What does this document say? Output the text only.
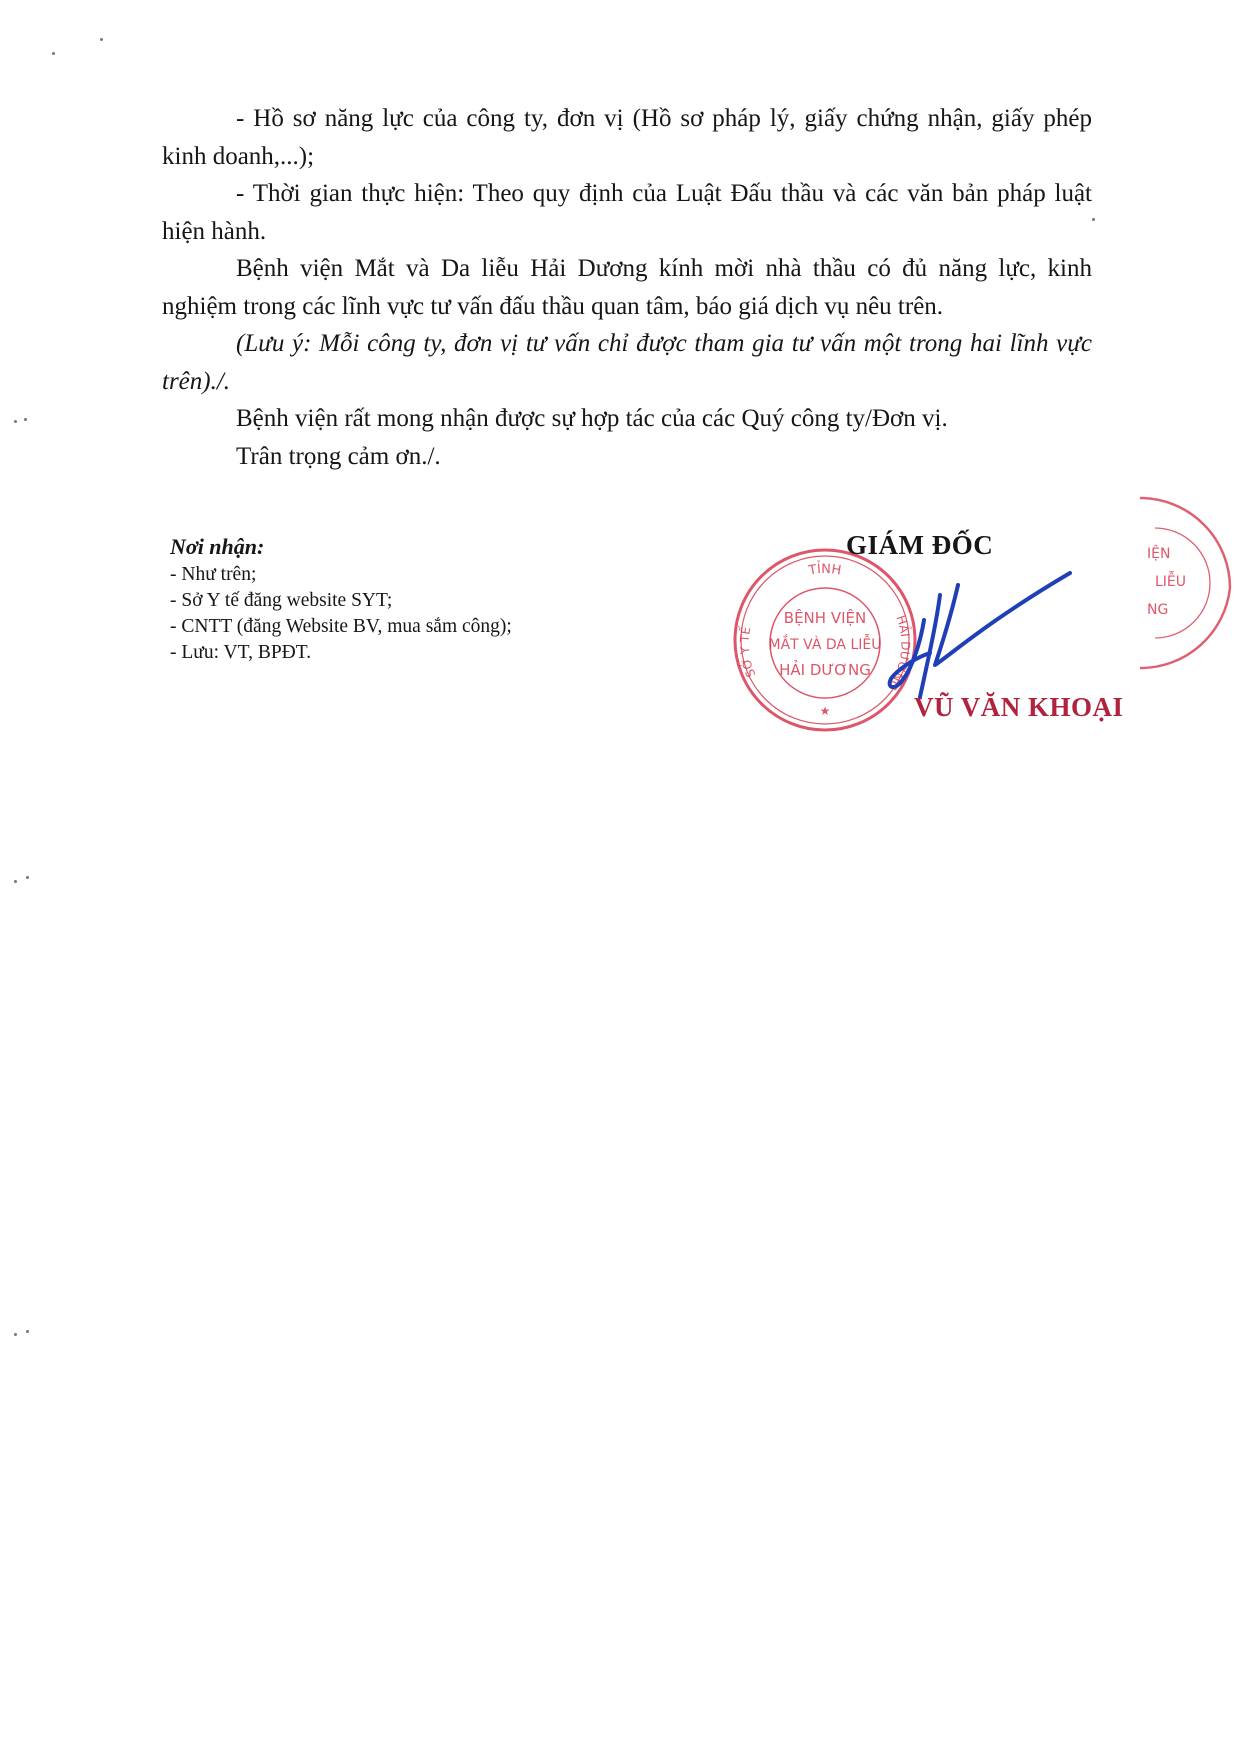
- Hồ sơ năng lực của công ty, đơn vị (Hồ sơ pháp lý, giấy chứng nhận, giấy phép kinh doanh,...);

- Thời gian thực hiện: Theo quy định của Luật Đấu thầu và các văn bản pháp luật hiện hành.

Bệnh viện Mắt và Da liễu Hải Dương kính mời nhà thầu có đủ năng lực, kinh nghiệm trong các lĩnh vực tư vấn đấu thầu quan tâm, báo giá dịch vụ nêu trên.

(Lưu ý: Mỗi công ty, đơn vị tư vấn chỉ được tham gia tư vấn một trong hai lĩnh vực trên)./.

Bệnh viện rất mong nhận được sự hợp tác của các Quý công ty/Đơn vị.

Trân trọng cảm ơn./.

Nơi nhận:
- Như trên;
- Sở Y tế đăng website SYT;
- CNTT (đăng Website BV, mua sắm công);
- Lưu: VT, BPĐT.
TỈNH
SỞ Y TẾ
HẢI DƯƠNG
BỆNH VIỆN
MẮT VÀ DA LIỄU
HẢI DƯƠNG
★
IỆN
LIỄU
NG
GIÁM ĐỐC
VŨ VĂN KHOẠI
